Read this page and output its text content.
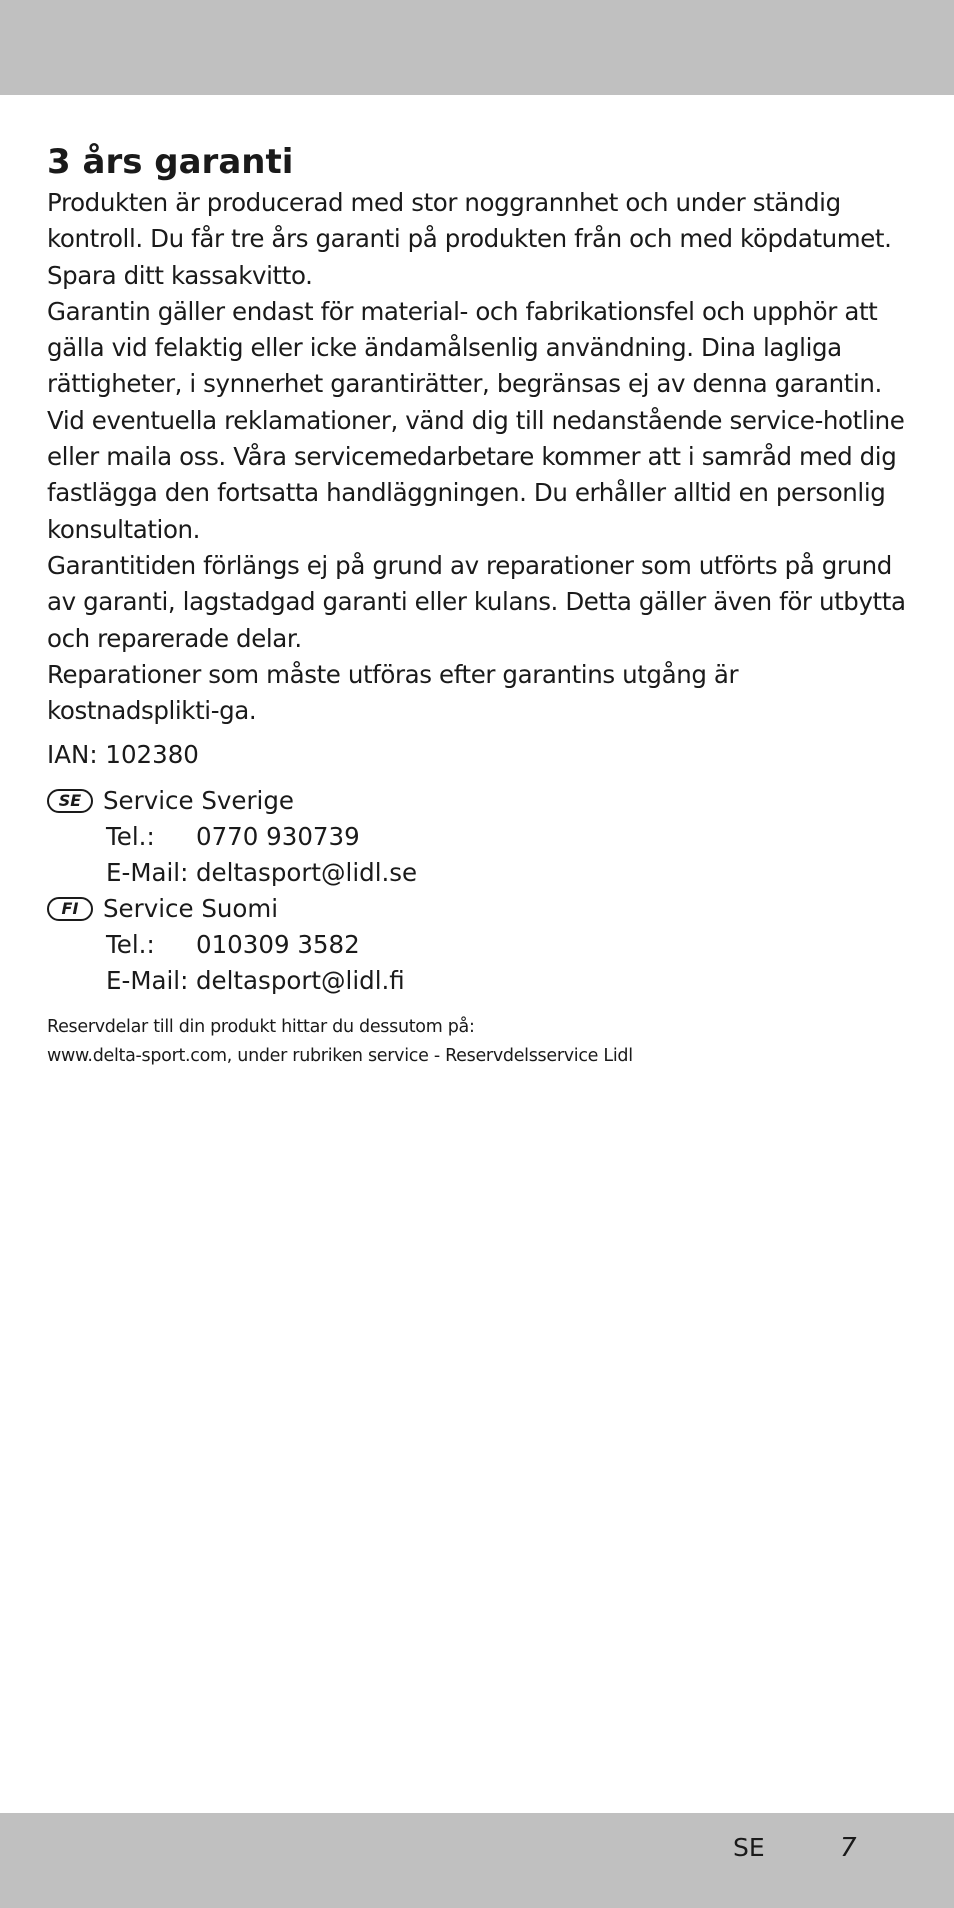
3 års garanti

Produkten är producerad med stor noggrannhet och under ständig kontroll. Du får tre års garanti på produkten från och med köpdatumet. Spara ditt kassakvitto.

Garantin gäller endast för material- och fabrikationsfel och upphör att gälla vid felaktig eller icke ändamålsenlig användning. Dina lagliga rättigheter, i synnerhet garantirätter, begränsas ej av denna garantin.

Vid eventuella reklamationer, vänd dig till nedanstående service-hotline eller maila oss. Våra servicemedarbetare kommer att i samråd med dig fastlägga den fortsatta handläggningen. Du erhåller alltid en personlig konsultation.

Garantitiden förlängs ej på grund av reparationer som utförts på grund av garanti, lagstadgad garanti eller kulans. Detta gäller även för utbytta och reparerade delar.

Reparationer som måste utföras efter garantins utgång är kostnadsplikti-ga.

IAN: 102380
SE Service Sverige
Tel.:	0770 930739
E-Mail: deltasport@lidl.se
FI	Service Suomi
Tel.:	010309 3582
E-Mail: deltasport@lidl.fi
Reservdelar till din produkt hittar du dessutom på:
www.delta-sport.com, under rubriken service - Reservdelsservice Lidl
SE	7
